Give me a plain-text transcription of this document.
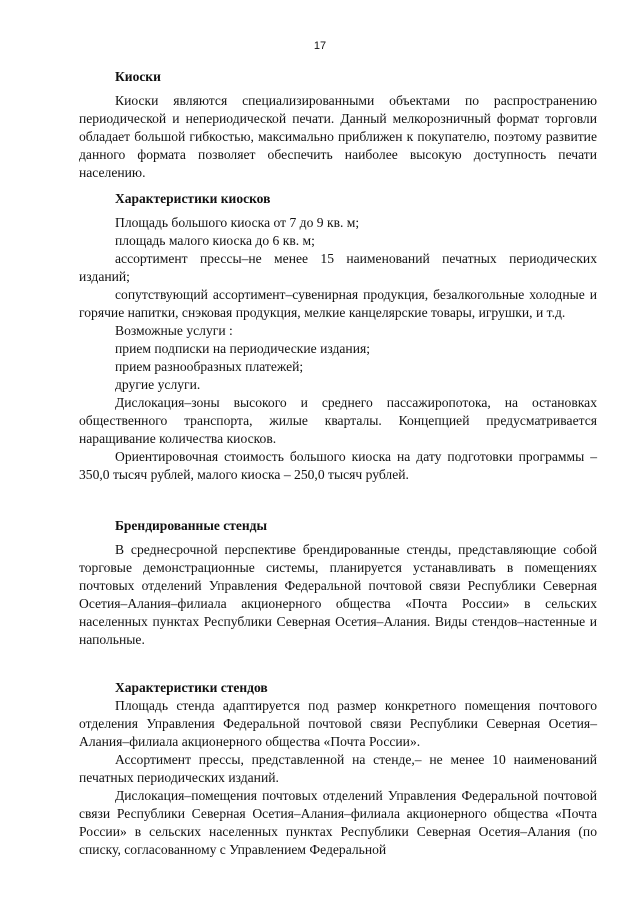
17
Киоски

Киоски являются специализированными объектами по распространению периодической и непериодической печати. Данный мелкорозничный формат торговли обладает большой гибкостью, максимально приближен к покупателю, поэтому развитие данного формата позволяет обеспечить наиболее высокую доступность печати населению.

Характеристики киосков

Площадь большого киоска от 7 до 9 кв. м;

площадь малого киоска до 6 кв. м;

ассортимент прессы–не менее 15 наименований печатных периодических изданий;

сопутствующий ассортимент–сувенирная продукция, безалкогольные холодные и горячие напитки, снэковая продукция, мелкие канцелярские товары, игрушки, и т.д.

Возможные услуги :

прием подписки на периодические издания;

прием разнообразных платежей;

другие услуги.

Дислокация–зоны высокого и среднего пассажиропотока, на остановках общественного транспорта, жилые кварталы. Концепцией предусматривается наращивание количества киосков.

Ориентировочная стоимость большого киоска на дату подготовки программы – 350,0 тысяч рублей, малого киоска – 250,0 тысяч рублей.

Брендированные стенды

В среднесрочной перспективе брендированные стенды, представляющие собой торговые демонстрационные системы, планируется устанавливать в помещениях почтовых отделений Управления Федеральной почтовой связи Республики Северная Осетия–Алания–филиала акционерного общества «Почта России» в сельских населенных пунктах Республики Северная Осетия–Алания. Виды стендов–настенные и напольные.

Характеристики стендов

Площадь стенда адаптируется под размер конкретного помещения почтового отделения Управления Федеральной почтовой связи Республики Северная Осетия–Алания–филиала акционерного общества «Почта России».

Ассортимент прессы, представленной на стенде,– не менее 10 наименований печатных периодических изданий.

Дислокация–помещения почтовых отделений Управления Федеральной почтовой связи Республики Северная Осетия–Алания–филиала акционерного общества «Почта России» в сельских населенных пунктах Республики Северная Осетия–Алания (по списку, согласованному с Управлением Федеральной
